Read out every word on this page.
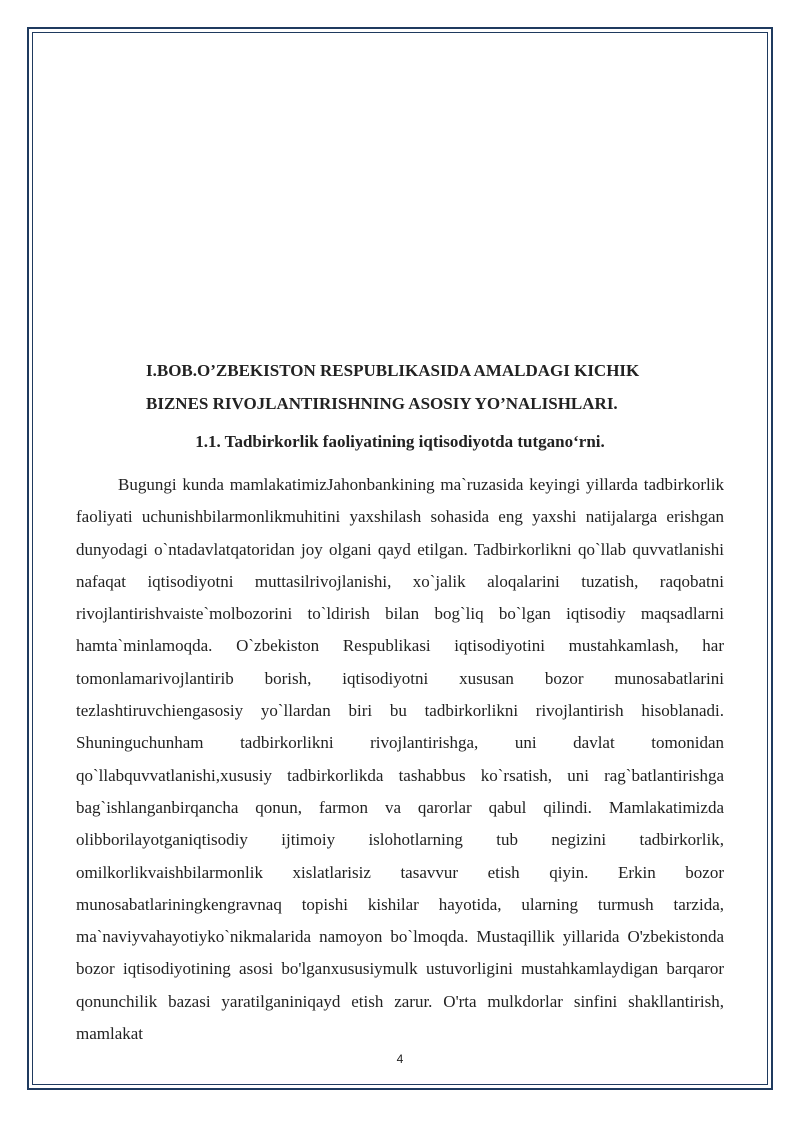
I.BOB.O’ZBEKISTON RESPUBLIKASIDA AMALDAGI KICHIK

BIZNES RIVOJLANTIRISHNING ASOSIY YO’NALISHLARI.

1.1. Tadbirkorlik faoliyatining iqtisodiyotda tutgano‘rni.

Bugungi kunda mamlakatimizJahonbankining ma`ruzasida keyingi yillarda tadbirkorlik faoliyati uchunishbilarmonlikmuhitini yaxshilash sohasida eng yaxshi natijalarga erishgan dunyodagi o`ntadavlatqatoridan joy olgani qayd etilgan. Tadbirkorlikni qo`llab quvvatlanishi nafaqat iqtisodiyotni muttasilrivojlanishi, xo`jalik aloqalarini tuzatish, raqobatni rivojlantirishvaiste`molbozorini to`ldirish bilan bog`liq bo`lgan iqtisodiy maqsadlarni hamta`minlamoqda. O`zbekiston Respublikasi iqtisodiyotini mustahkamlash, har tomonlamarivojlantirib borish, iqtisodiyotni xususan bozor munosabatlarini tezlashtiruvchiengasosiy yo`llardan biri bu tadbirkorlikni rivojlantirish hisoblanadi. Shuninguchunham tadbirkorlikni rivojlantirishga, uni davlat tomonidan qo`llabquvvatlanishi,xususiy tadbirkorlikda tashabbus ko`rsatish, uni rag`batlantirishga bag`ishlanganbirqancha qonun, farmon va qarorlar qabul qilindi. Mamlakatimizda olibborilayotganiqtisodiy ijtimoiy islohotlarning tub negizini tadbirkorlik, omilkorlikvaishbilarmonlik xislatlarisiz tasavvur etish qiyin. Erkin bozor munosabatlariningkengravnaq topishi kishilar hayotida, ularning turmush tarzida, ma`naviyvahayotiyko`nikmalarida namoyon bo`lmoqda. Mustaqillik yillarida O'zbekistonda bozor iqtisodiyotining asosi bo'lganxususiymulk ustuvorligini mustahkamlaydigan barqaror qonunchilik bazasi yaratilganiniqayd etish zarur. O'rta mulkdorlar sinfini shakllantirish, mamlakat

4
